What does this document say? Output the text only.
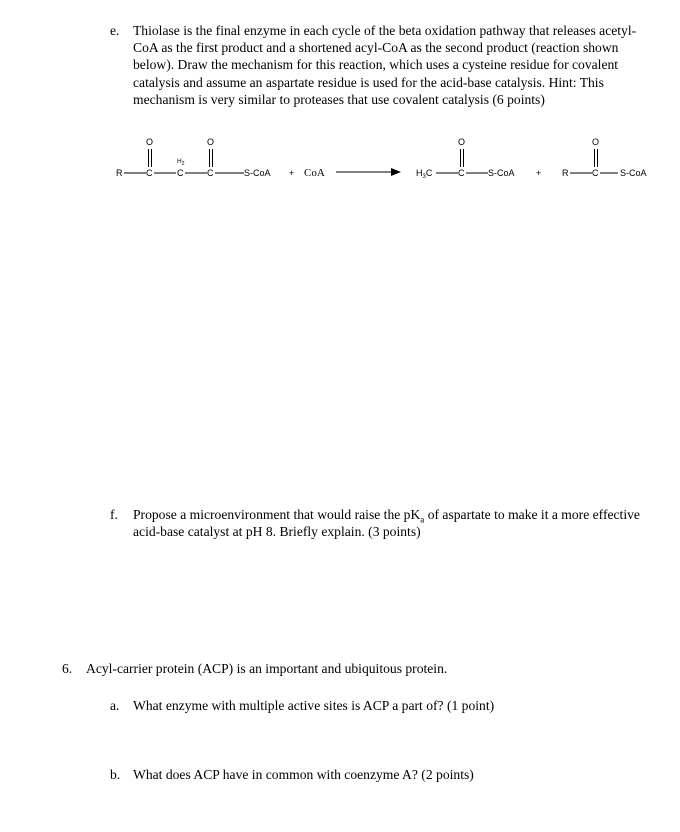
e. Thiolase is the final enzyme in each cycle of the beta oxidation pathway that releases acetyl-CoA as the first product and a shortened acyl-CoA as the second product (reaction shown below). Draw the mechanism for this reaction, which uses a cysteine residue for covalent catalysis and assume an aspartate residue is used for the acid-base catalysis. Hint: This mechanism is very similar to proteases that use covalent catalysis (6 points)
R	C
O
$H_2$
C	C
O
S-CoA + CoA	$H_3C$	C
O
S-CoA + R	C
O
S-CoA
f. Propose a microenvironment that would raise the $pK_a$ of aspartate to make it a more effective acid-base catalyst at pH 8. Briefly explain. (3 points)
6. Acyl-carrier protein (ACP) is an important and ubiquitous protein.
a. What enzyme with multiple active sites is ACP a part of? (1 point)
b. What does ACP have in common with coenzyme A? (2 points)
